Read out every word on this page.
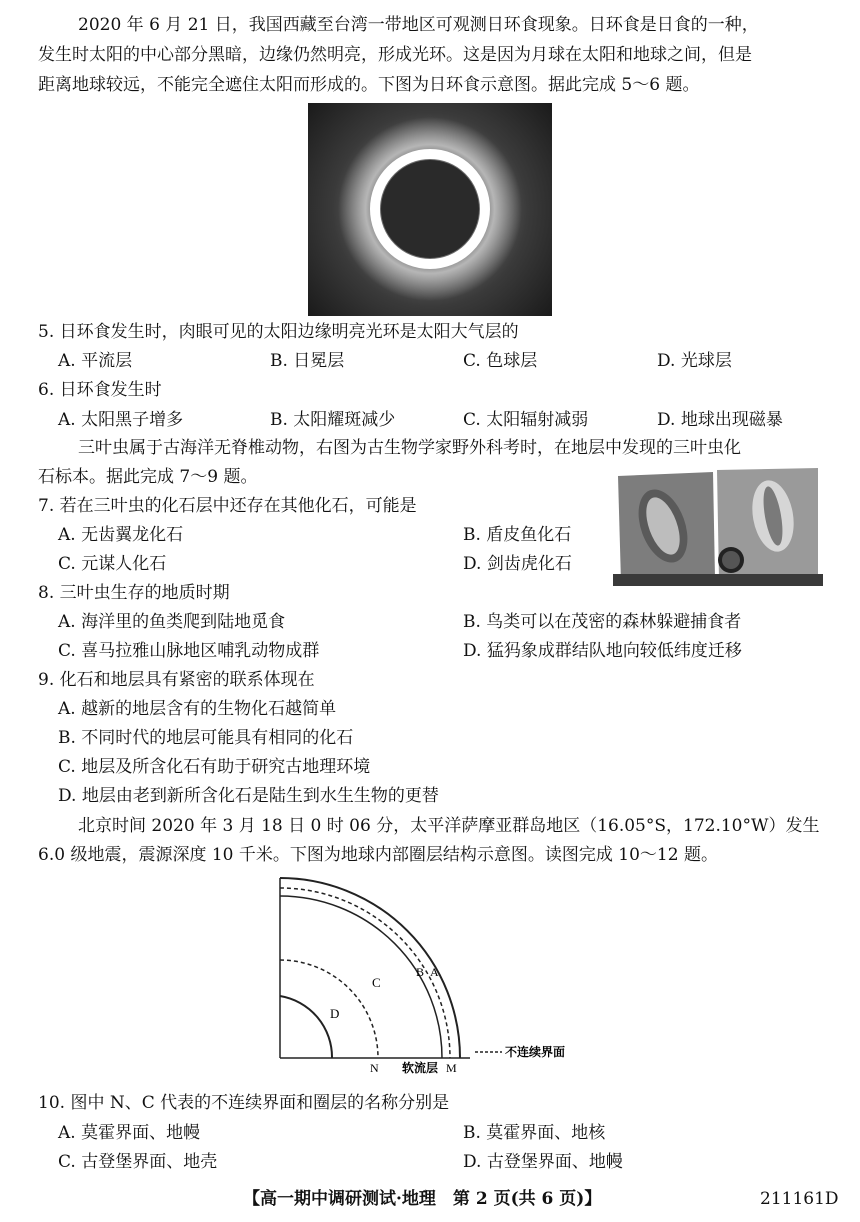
2020 年 6 月 21 日，我国西藏至台湾一带地区可观测日环食现象。日环食是日食的一种，
发生时太阳的中心部分黑暗，边缘仍然明亮，形成光环。这是因为月球在太阳和地球之间，但是
距离地球较远，不能完全遮住太阳而形成的。下图为日环食示意图。据此完成 5～6 题。
5. 日环食发生时，肉眼可见的太阳边缘明亮光环是太阳大气层的
A. 平流层	B. 日冕层	C. 色球层	D. 光球层
6. 日环食发生时
A. 太阳黑子增多	B. 太阳耀斑减少	C. 太阳辐射减弱	D. 地球出现磁暴
三叶虫属于古海洋无脊椎动物，右图为古生物学家野外科考时，在地层中发现的三叶虫化
石标本。据此完成 7～9 题。
7. 若在三叶虫的化石层中还存在其他化石，可能是
A. 无齿翼龙化石	B. 盾皮鱼化石
C. 元谋人化石	D. 剑齿虎化石
8. 三叶虫生存的地质时期
A. 海洋里的鱼类爬到陆地觅食	B. 鸟类可以在茂密的森林躲避捕食者
C. 喜马拉雅山脉地区哺乳动物成群	D. 猛犸象成群结队地向较低纬度迁移
9. 化石和地层具有紧密的联系体现在
A. 越新的地层含有的生物化石越简单
B. 不同时代的地层可能具有相同的化石
C. 地层及所含化石有助于研究古地理环境
D. 地层由老到新所含化石是陆生到水生生物的更替
北京时间 2020 年 3 月 18 日 0 时 06 分，太平洋萨摩亚群岛地区（16.05°S，172.10°W）发生
6.0 级地震，震源深度 10 千米。下图为地球内部圈层结构示意图。读图完成 10～12 题。
C
D
B A
N 软流层 M
不连续界面
10. 图中 N、C 代表的不连续界面和圈层的名称分别是
A. 莫霍界面、地幔	B. 莫霍界面、地核
C. 古登堡界面、地壳	D. 古登堡界面、地幔
【高一期中调研测试·地理　第 2 页(共 6 页)】	211161D
